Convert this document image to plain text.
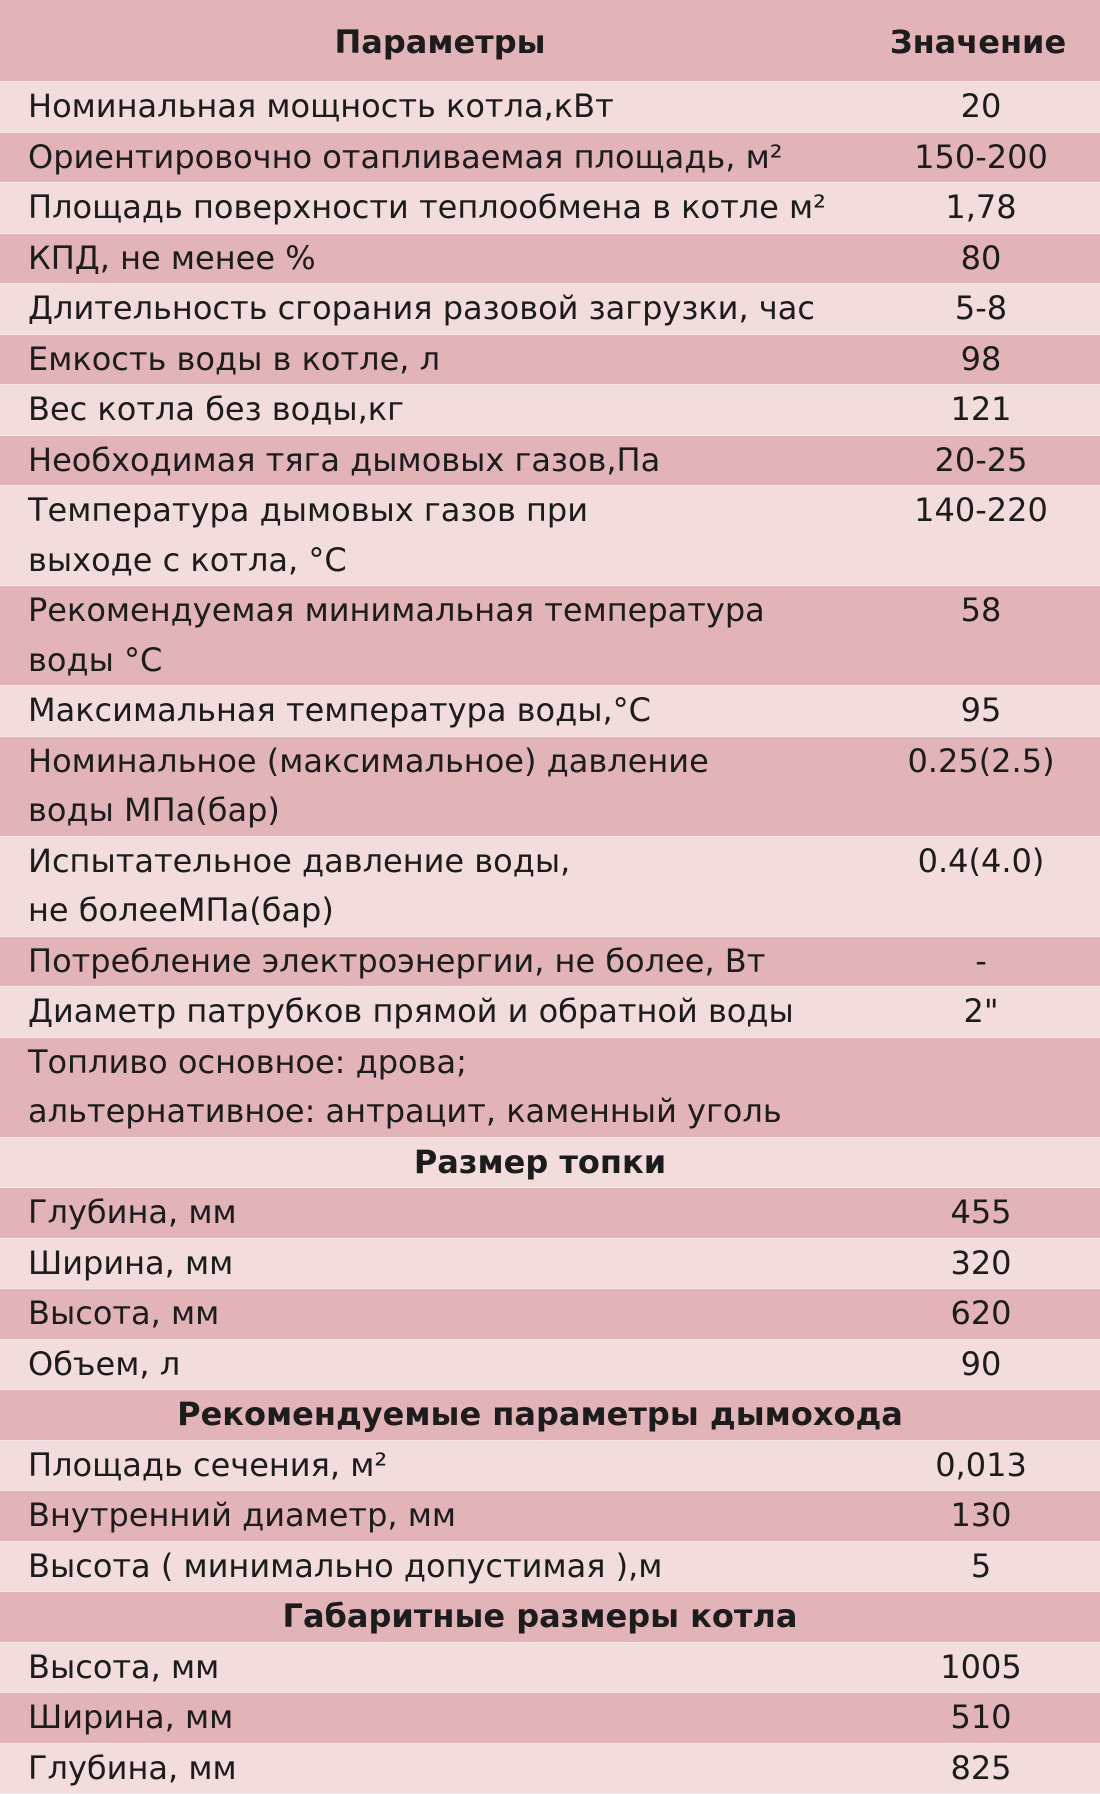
Параметры	Значение
Номинальная мощность котла,кВт	20
Ориентировочно отапливаемая площадь, м²	150-200
Площадь поверхности теплообмена в котле м²	1,78
КПД, не менее %	80
Длительность сгорания разовой загрузки, час	5-8
Емкость воды в котле, л	98
Вес котла без воды,кг	121
Необходимая тяга дымовых газов,Па	20-25
Температура дымовых газов при
выходе с котла, °С	140-220
Рекомендуемая минимальная температура
воды °С	58
Максимальная температура воды,°С	95
Номинальное (максимальное) давление
воды МПа(бар)	0.25(2.5)
Испытательное давление воды,
не болееМПа(бар)	0.4(4.0)
Потребление электроэнергии, не более, Вт	-
Диаметр патрубков прямой и обратной воды	2"
Топливо основное: дрова;
альтернативное: антрацит, каменный уголь	
Размер топки	
Глубина, мм	455
Ширина, мм	320
Высота, мм	620
Объем, л	90
Рекомендуемые параметры дымохода	
Площадь сечения, м²	0,013
Внутренний диаметр, мм	130
Высота ( минимально допустимая ),м	5
Габаритные размеры котла	
Высота, мм	1005
Ширина, мм	510
Глубина, мм	825
